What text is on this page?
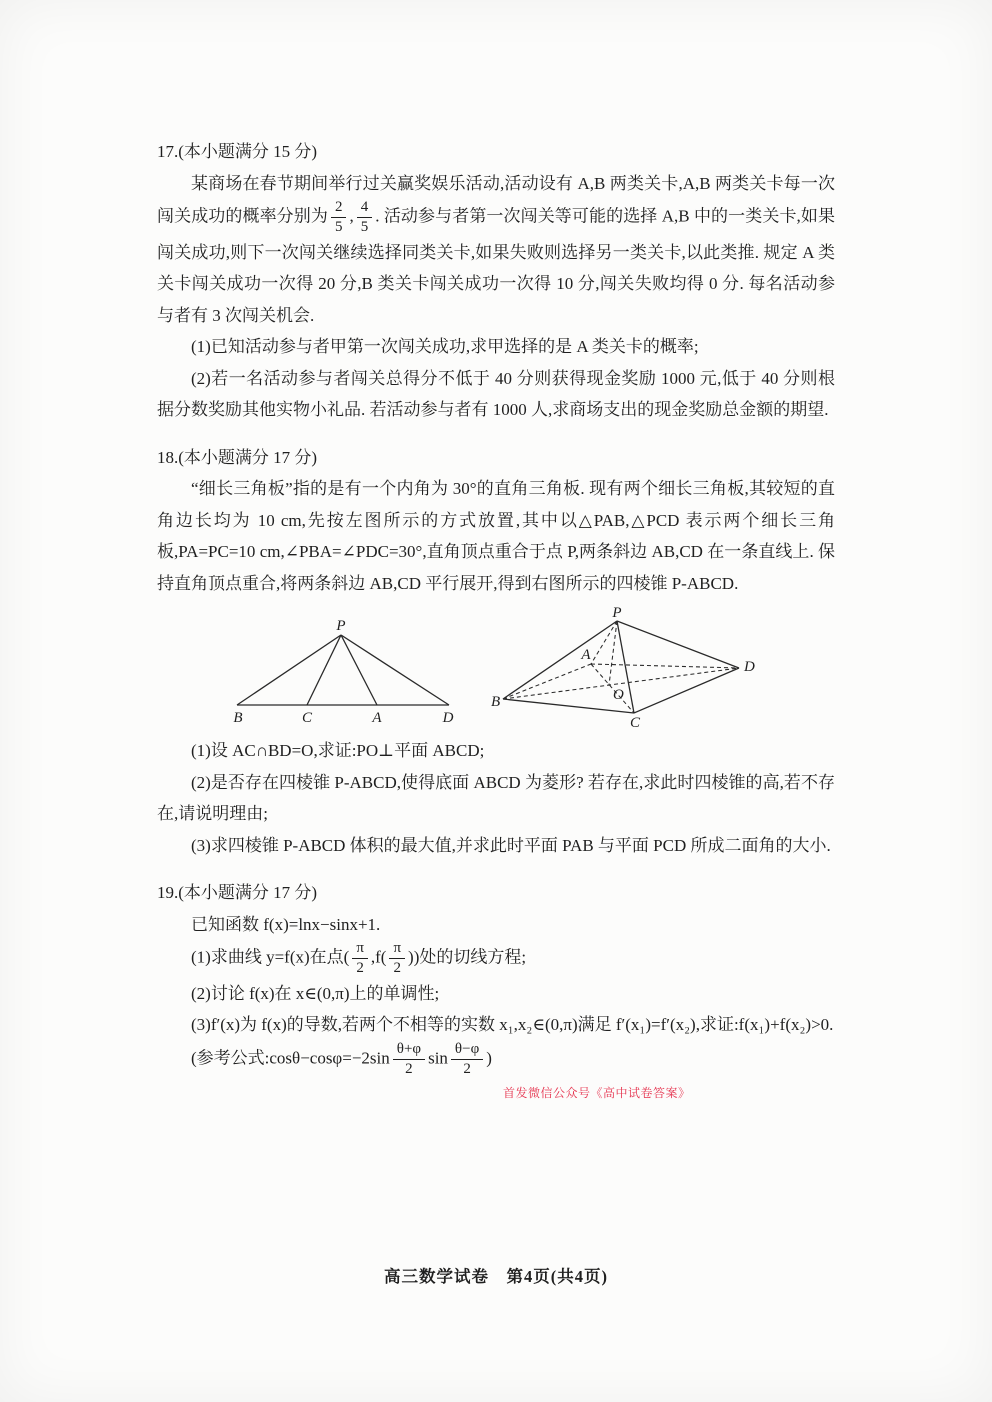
17.(本小题满分 15 分)

某商场在春节期间举行过关赢奖娱乐活动,活动设有 A,B 两类关卡,A,B 两类关卡每一次闯关成功的概率分别为 $\frac{2}{5}$ , $\frac{4}{5}$ . 活动参与者第一次闯关等可能的选择 A,B 中的一类关卡,如果闯关成功,则下一次闯关继续选择同类关卡,如果失败则选择另一类关卡,以此类推. 规定 A 类关卡闯关成功一次得 20 分,B 类关卡闯关成功一次得 10 分,闯关失败均得 0 分. 每名活动参与者有 3 次闯关机会.

(1)已知活动参与者甲第一次闯关成功,求甲选择的是 A 类关卡的概率;

(2)若一名活动参与者闯关总得分不低于 40 分则获得现金奖励 1000 元,低于 40 分则根据分数奖励其他实物小礼品. 若活动参与者有 1000 人,求商场支出的现金奖励总金额的期望.

18.(本小题满分 17 分)

“细长三角板”指的是有一个内角为 30°的直角三角板. 现有两个细长三角板,其较短的直角边长均为 10 cm,先按左图所示的方式放置,其中以△PAB,△PCD 表示两个细长三角板,PA=PC=10 cm,∠PBA=∠PDC=30°,直角顶点重合于点 P,两条斜边 AB,CD 在一条直线上. 保持直角顶点重合,将两条斜边 AB,CD 平行展开,得到右图所示的四棱锥 P-ABCD.

P
B	C	A	D
P
A
B
C
D
O

(1)设 AC∩BD=O,求证:PO⊥平面 ABCD;

(2)是否存在四棱锥 P-ABCD,使得底面 ABCD 为菱形? 若存在,求此时四棱锥的高,若不存在,请说明理由;

(3)求四棱锥 P-ABCD 体积的最大值,并求此时平面 PAB 与平面 PCD 所成二面角的大小.

19.(本小题满分 17 分)

已知函数 f(x)=lnx−sinx+1.

(1)求曲线 y=f(x)在点( $\frac{\pi}{2} ,f( \frac{\pi}{2}$ ))处的切线方程;

(2)讨论 f(x)在 x∈(0,π)上的单调性;

(3)f′(x)为 f(x)的导数,若两个不相等的实数 x₁,x₂∈(0,π)满足 f′(x₁)=f′(x₂),求证:f(x₁)+f(x₂)>0.

(参考公式:cosθ−cosφ=−2sin $\frac{\theta+\varphi}{2}$ $\sin \frac{\theta-\varphi}{2}$ )

首发微信公众号《高中试卷答案》
高三数学试卷　第4页(共4页)
